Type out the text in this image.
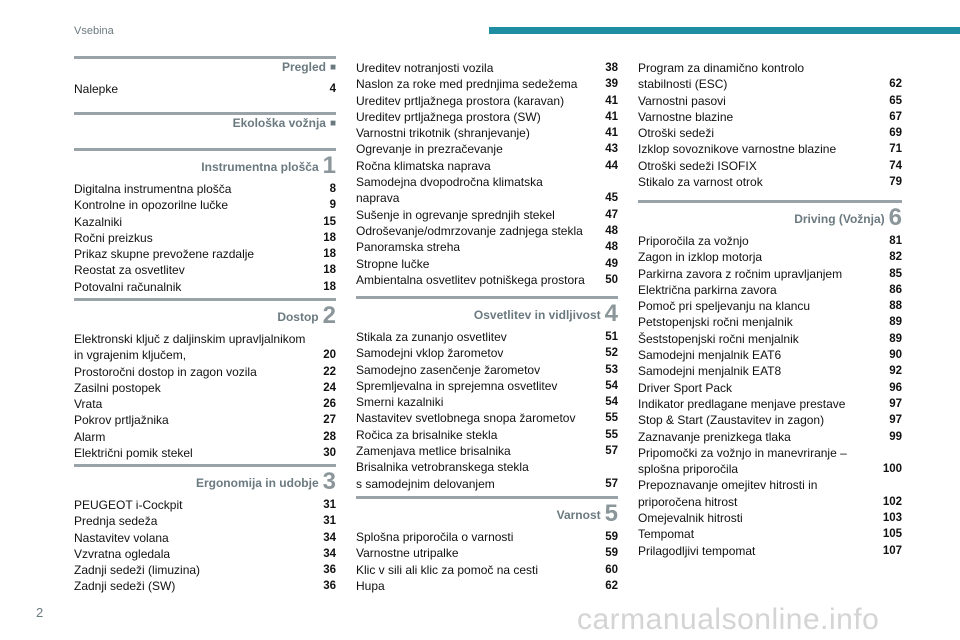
Vsebina
Pregled ■
Nalepke	4
Ekološka vožnja ■
Instrumentna plošča 1
Digitalna instrumentna plošča	8
Kontrolne in opozorilne lučke	9
Kazalniki	15
Ročni preizkus	18
Prikaz skupne prevožene razdalje	18
Reostat za osvetlitev	18
Potovalni računalnik	18
Dostop 2
Elektronski ključ z daljinskim upravljalnikom
in vgrajenim ključem,	20
Prostoročni dostop in zagon vozila	22
Zasilni postopek	24
Vrata	26
Pokrov prtljažnika	27
Alarm	28
Električni pomik stekel	30
Ergonomija in udobje 3
PEUGEOT i-Cockpit	31
Prednja sedeža	31
Nastavitev volana	34
Vzvratna ogledala	34
Zadnji sedeži (limuzina)	36
Zadnji sedeži (SW)	36
Ureditev notranjosti vozila	38
Naslon za roke med prednjima sedežema 39
Ureditev prtljažnega prostora (karavan)	41
Ureditev prtljažnega prostora (SW)	41
Varnostni trikotnik (shranjevanje)	41
Ogrevanje in prezračevanje	43
Ročna klimatska naprava	44
Samodejna dvopodročna klimatska
naprava	45
Sušenje in ogrevanje sprednjih stekel	47
Odroševanje/odmrzovanje zadnjega stekla 48
Panoramska streha	48
Stropne lučke	49
Ambientalna osvetlitev potniškega prostora 50
Osvetlitev in vidljivost 4
Stikala za zunanjo osvetlitev	51
Samodejni vklop žarometov	52
Samodejno zasenčenje žarometov	53
Spremljevalna in sprejemna osvetlitev	54
Smerni kazalniki	54
Nastavitev svetlobnega snopa žarometov	55
Ročica za brisalnike stekla	55
Zamenjava metlice brisalnika	57
Brisalnika vetrobranskega stekla
s samodejnim delovanjem	57
Varnost 5
Splošna priporočila o varnosti	59
Varnostne utripalke	59
Klic v sili ali klic za pomoč na cesti	60
Hupa	62
Program za dinamično kontrolo
stabilnosti (ESC)	62
Varnostni pasovi	65
Varnostne blazine	67
Otroški sedeži	69
Izklop sovoznikove varnostne blazine	71
Otroški sedeži ISOFIX	74
Stikalo za varnost otrok	79
Driving (Vožnja) 6
Priporočila za vožnjo	81
Zagon in izklop motorja	82
Parkirna zavora z ročnim upravljanjem	85
Električna parkirna zavora	86
Pomoč pri speljevanju na klancu	88
Petstopenjski ročni menjalnik	89
Šeststopenjski ročni menjalnik	89
Samodejni menjalnik EAT6	90
Samodejni menjalnik EAT8	92
Driver Sport Pack	96
Indikator predlagane menjave prestave	97
Stop & Start (Zaustavitev in zagon)	97
Zaznavanje prenizkega tlaka	99
Pripomočki za vožnjo in manevriranje –
splošna priporočila	100
Prepoznavanje omejitev hitrosti in
priporočena hitrost	102
Omejevalnik hitrosti	103
Tempomat	105
Prilagodljivi tempomat	107
2	carmanualsonline.info
